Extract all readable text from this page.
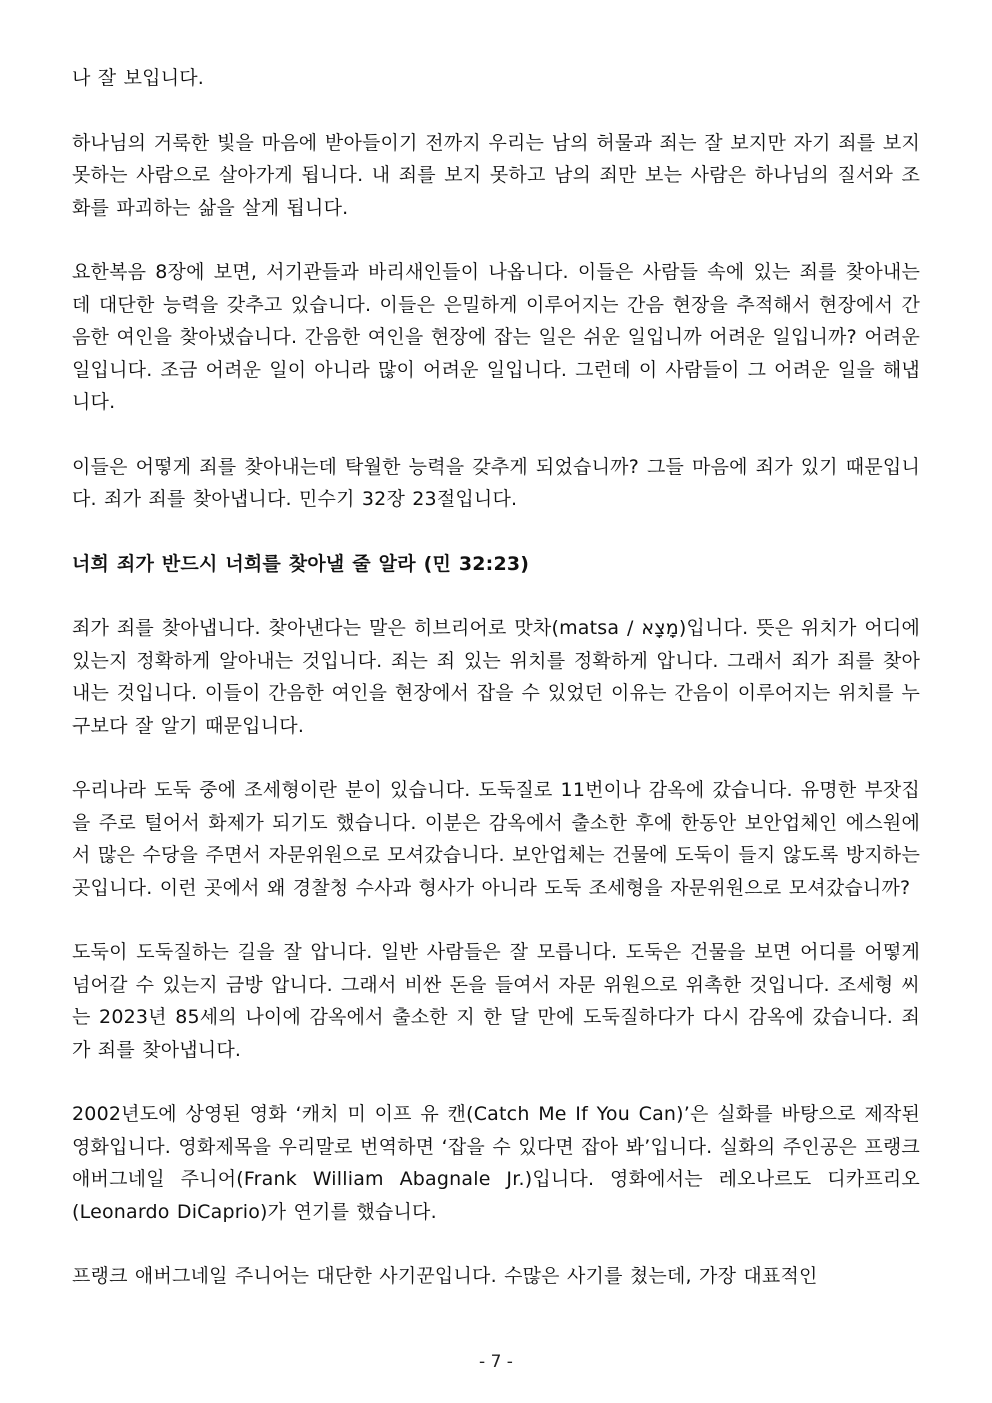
나 잘 보입니다.

하나님의 거룩한 빛을 마음에 받아들이기 전까지 우리는 남의 허물과 죄는 잘 보지만 자기 죄를 보지 못하는 사람으로 살아가게 됩니다. 내 죄를 보지 못하고 남의 죄만 보는 사람은 하나님의 질서와 조화를 파괴하는 삶을 살게 됩니다.

요한복음 8장에 보면, 서기관들과 바리새인들이 나옵니다. 이들은 사람들 속에 있는 죄를 찾아내는 데 대단한 능력을 갖추고 있습니다. 이들은 은밀하게 이루어지는 간음 현장을 추적해서 현장에서 간음한 여인을 찾아냈습니다. 간음한 여인을 현장에 잡는 일은 쉬운 일입니까 어려운 일입니까? 어려운 일입니다. 조금 어려운 일이 아니라 많이 어려운 일입니다. 그런데 이 사람들이 그 어려운 일을 해냅니다.

이들은 어떻게 죄를 찾아내는데 탁월한 능력을 갖추게 되었습니까? 그들 마음에 죄가 있기 때문입니다. 죄가 죄를 찾아냅니다. 민수기 32장 23절입니다.

너희 죄가 반드시 너희를 찾아낼 줄 알라 (민 32:23)

죄가 죄를 찾아냅니다. 찾아낸다는 말은 히브리어로 맛차(matsa / מָצָא)입니다. 뜻은 위치가 어디에 있는지 정확하게 알아내는 것입니다. 죄는 죄 있는 위치를 정확하게 압니다. 그래서 죄가 죄를 찾아내는 것입니다. 이들이 간음한 여인을 현장에서 잡을 수 있었던 이유는 간음이 이루어지는 위치를 누구보다 잘 알기 때문입니다.

우리나라 도둑 중에 조세형이란 분이 있습니다. 도둑질로 11번이나 감옥에 갔습니다. 유명한 부잣집을 주로 털어서 화제가 되기도 했습니다. 이분은 감옥에서 출소한 후에 한동안 보안업체인 에스원에서 많은 수당을 주면서 자문위원으로 모셔갔습니다. 보안업체는 건물에 도둑이 들지 않도록 방지하는 곳입니다. 이런 곳에서 왜 경찰청 수사과 형사가 아니라 도둑 조세형을 자문위원으로 모셔갔습니까?

도둑이 도둑질하는 길을 잘 압니다. 일반 사람들은 잘 모릅니다. 도둑은 건물을 보면 어디를 어떻게 넘어갈 수 있는지 금방 압니다. 그래서 비싼 돈을 들여서 자문 위원으로 위촉한 것입니다. 조세형 씨는 2023년 85세의 나이에 감옥에서 출소한 지 한 달 만에 도둑질하다가 다시 감옥에 갔습니다. 죄가 죄를 찾아냅니다.

2002년도에 상영된 영화 ‘캐치 미 이프 유 캔(Catch Me If You Can)’은 실화를 바탕으로 제작된 영화입니다. 영화제목을 우리말로 번역하면 ‘잡을 수 있다면 잡아 봐’입니다. 실화의 주인공은 프랭크 애버그네일 주니어(Frank William Abagnale Jr.)입니다. 영화에서는 레오나르도 디카프리오(Leonardo DiCaprio)가 연기를 했습니다.

프랭크 애버그네일 주니어는 대단한 사기꾼입니다. 수많은 사기를 쳤는데, 가장 대표적인

- 7 -
